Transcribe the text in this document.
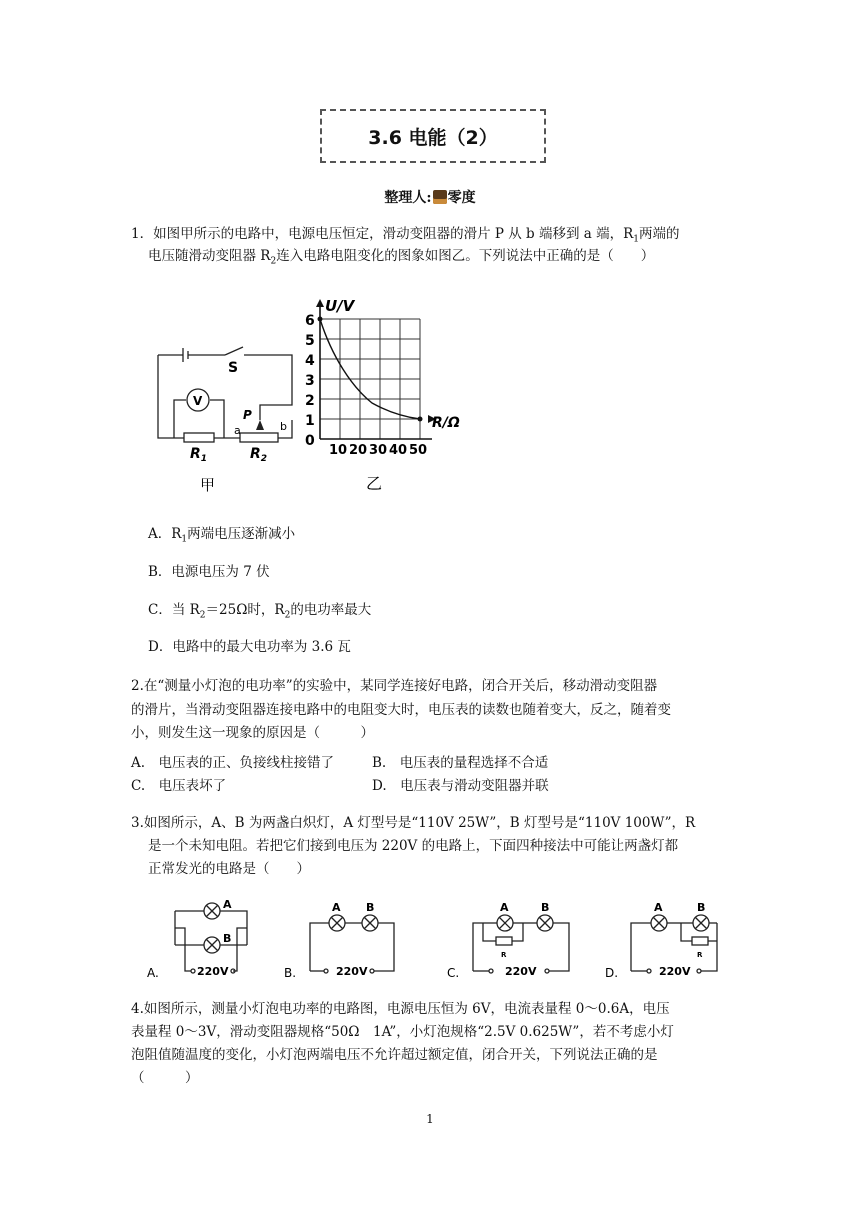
3.6 电能（2）
整理人: 零度
1．如图甲所示的电路中，电源电压恒定，滑动变阻器的滑片 P 从 b 端移到 a 端，$R_1$两端的
电压随滑动变阻器 $R_2$连入电路电阻变化的图象如图乙。下列说法中正确的是（　　）
S
V
P
a	b
$R_1$	$R_2$
甲
U/V
R/Ω
0
1
2
3
4
5
6
10 20 30 40 50
乙
A．$R_1$两端电压逐渐减小
B．电源电压为 7 伏
C．当 $R_2=25\Omega$时，$R_2$的电功率最大
D．电路中的最大电功率为 3.6 瓦
2.在“测量小灯泡的电功率”的实验中，某同学连接好电路，闭合开关后，移动滑动变阻器
的滑片，当滑动变阻器连接电路中的电阻变大时，电压表的读数也随着变大，反之，随着变
小，则发生这一现象的原因是（　　　）
A.　电压表的正、负接线柱接错了	B.　电压表的量程选择不合适
C.　电压表坏了	D.　电压表与滑动变阻器并联
3.如图所示，A、B 为两盏白炽灯，A 灯型号是“110V 25W”，B 灯型号是“110V 100W”，R
是一个未知电阻。若把它们接到电压为 220V 的电路上，下面四种接法中可能让两盏灯都
正常发光的电路是（　　）
A
B
220V
A.
A B
220V
B.
A	B
R
220V
C.
A	B
R
220V
D.
4.如图所示，测量小灯泡电功率的电路图，电源电压恒为 6V，电流表量程 0～0.6A，电压
表量程 0～3V，滑动变阻器规格“50Ω　1A”，小灯泡规格“2.5V 0.625W”，若不考虑小灯
泡阻值随温度的变化，小灯泡两端电压不允许超过额定值，闭合开关，下列说法正确的是
（　　　）
1
